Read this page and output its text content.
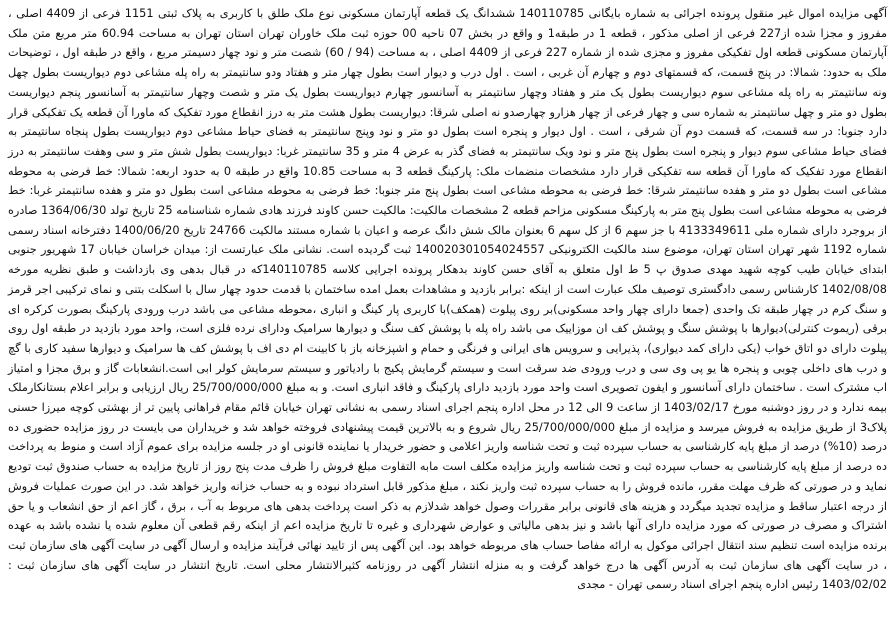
آگهی مزایده اموال غیر منقول پرونده اجرائی به شماره بایگانی 140110785 ششدانگ یک قطعه آپارتمان مسکونی نوع ملک طلق با کاربری به پلاک ثبتی 1151 فرعی از 4409 اصلی ، مفروز و مجزا شده از227 فرعی از اصلی مذکور ، قطعه 1 در طبقه1 و واقع در بخش 07 ناحیه 00 حوزه ثبت ملک خاوران تهران استان تهران به مساحت 60.94 متر مربع متن ملک آپارتمان مسکونی قطعه اول تفکیکی مفروز و مجزی شده از شماره 227 فرعی از 4409 اصلی ، به مساحت (94 / 60) شصت متر و نود چهار دسیمتر مربع ، واقع در طبقه اول ، توضیحات ملک به حدود: شمالا: در پنج قسمت، که قسمتهای دوم و چهارم آن غربی ، است . اول درب و دیوار است بطول چهار متر و هفتاد ودو سانتیمتر به راه پله مشاعی دوم دیواریست بطول چهل ونه سانتیمتر به راه پله مشاعی سوم دیواریست بطول یک متر و هفتاد وچهار سانتیمتر به آسانسور چهارم دیواریست بطول یک متر و شصت وچهار سانتیمتر به آسانسور پنجم دیواریست بطول دو متر و چهل سانتیمتر به شماره سی و چهار فرعی از چهار هزارو چهارصدو نه اصلی شرقا: دیواریست بطول هشت متر به درز انقطاع مورد تفکیک که ماورا آن قطعه یک تفکیکی قرار دارد جنوبا: در سه قسمت، که قسمت دوم آن شرقی ، است . اول دیوار و پنجره است بطول دو متر و نود وپنج سانتیمتر به فضای حیاط مشاعی دوم دیواریست بطول پنجاه سانتیمتر به فضای حیاط مشاعی سوم دیوار و پنجره است بطول پنج متر و نود ویک سانتیمتر به فضای گذر به عرض 4 متر و 35 سانتیمتر غربا: دیواریست بطول شش متر و سی وهفت سانتیمتر به درز انقطاع مورد تفکیک که ماورا آن قطعه سه تفکیکی قرار دارد مشخصات منضمات ملک: پارکینگ قطعه 3 به مساحت 10.85 واقع در طبقه 0 به حدود اربعه: شمالا: خط فرضی به محوطه مشاعی است بطول دو متر و هفده سانتیمتر شرقا: خط فرضی به محوطه مشاعی است بطول پنج متر جنوبا: خط فرضی به محوطه مشاعی است بطول دو متر و هفده سانتیمتر غربا: خط فرضی به محوطه مشاعی است بطول پنج متر به پارکینگ مسکونی مزاحم قطعه 2 مشخصات مالکیت: مالکیت حسن کاوند فرزند هادی شماره شناسنامه 25 تاریخ تولد 1364/06/30 صادره از بروجرد دارای شماره ملی 4133349611 با جز سهم 6 از کل سهم 6 بعنوان مالک شش دانگ عرصه و اعیان با شماره مستند مالکیت 24766 تاریخ 1400/06/20 دفترخانه اسناد رسمی شماره 1192 شهر تهران استان تهران، موضوع سند مالکیت الکترونیکی 140020301054024557 ثبت گردیده است. نشانی ملک عبارتست از: میدان خراسان خیابان 17 شهریور جنوبی ابتدای خیابان طیب کوچه شهید مهدی صدوق پ 5 ط اول متعلق به آقای حسن کاوند بدهکار پرونده اجرایی کلاسه 140110785که در قبال بدهی وی بازداشت و طبق نظریه مورخه 1402/08/08 کارشناس رسمی دادگستری توصیف ملک عبارت است از اینکه :برابر بازدید و مشاهدات بعمل امده ساختمان با قدمت حدود چهار سال با اسکلت بتنی و نمای ترکیبی اجر قرمز و سنگ کرم در چهار طبقه تک واحدی (جمعا دارای چهار واحد مسکونی)بر روی پیلوت (همکف)با کاربری پار کینگ و انباری ،محوطه مشاعی می باشد درب ورودی پارکینگ بصورت کرکره ای برقی (ریموت کنترلی)دیوارها با پوشش سنگ و پوشش کف ان موزاییک می باشد راه پله با پوشش کف سنگ و دیوارها سرامیک ودارای نرده فلزی است، واحد مورد بازدید در طبقه اول روی پیلوت دارای دو اتاق خواب (یکی دارای کمد دیواری)، پذیرایی و سرویس های ایرانی و فرنگی و حمام و اشپزخانه باز با کابینت ام دی اف با پوشش کف ها سرامیک و دیوارها سفید کاری با گچ و درب های داخلی چوبی و پنجره ها یو پی وی سی و درب ورودی ضد سرقت است و سیستم گرمایش پکیج با رادیاتور و سیستم سرمایش کولر ابی است.انشعابات گاز و برق مجزا و امتیاز اب مشترک است . ساختمان دارای آسانسور و ایفون تصویری است واحد مورد بازدید دارای پارکینگ و فاقد انباری است. و به مبلغ 25/700/000/000 ریال ارزیابی و برابر اعلام بستانکارملک بیمه ندارد و در روز دوشنبه مورخ 1403/02/17 از ساعت 9 الی 12 در محل اداره پنجم اجرای اسناد رسمی به نشانی تهران خیابان قائم مقام فراهانی پایین تر از بهشتی کوچه میرزا حسنی پلاک3 از طریق مزایده به فروش میرسد و مزایده از مبلغ 25/700/000/000 ریال شروع و به بالاترین قیمت پیشنهادی فروخته خواهد شد و خریداران می بایست در روز مزایده حضوری ده درصد (10%) درصد از مبلغ پایه کارشناسی به حساب سپرده ثبت و تحت شناسه واریز اعلامی و حضور خریدار یا نماینده قانونی او در جلسه مزایده برای عموم آزاد است و منوط به پرداخت ده درصد از مبلغ پایه کارشناسی به حساب سپرده ثبت و تحت شناسه واریز مزایده مکلف است مابه التفاوت مبلغ فروش را ظرف مدت پنج روز از تاریخ مزایده به حساب صندوق ثبت تودیع نماید و در صورتی که ظرف مهلت مقرر، مانده فروش را به حساب سپرده ثبت واریز نکند ، مبلغ مذکور قابل استرداد نبوده و به حساب خزانه واریز خواهد شد. در این صورت عملیات فروش از درجه اعتبار ساقط و مزایده تجدید میگردد و هزینه های قانونی برابر مقررات وصول خواهد شدلازم به ذکر است پرداخت بدهی های مربوط به آب ، برق ، گاز اعم از حق انشعاب و یا حق اشتراک و مصرف در صورتی که مورد مزایده دارای آنها باشد و نیز بدهی مالیاتی و عوارض شهرداری و غیره تا تاریخ مزایده اعم از اینکه رقم قطعی آن معلوم شده یا نشده باشد به عهده برنده مزایده است تنظیم سند انتقال اجرائی موکول به ارائه مفاصا حساب های مربوطه خواهد بود. این آگهی پس از تایید نهائی فرآیند مزایده و ارسال آگهی در سایت آگهی های سازمان ثبت ، در سایت آگهی های سازمان ثبت به آدرس آگهی ها درج خواهد گرفت و به منزله انتشار آگهی در روزنامه کثیرالانتشار محلی است. تاریخ انتشار در سایت آگهی های سازمان ثبت : 1403/02/02 رئیس اداره پنجم اجرای اسناد رسمی تهران - مجدی
